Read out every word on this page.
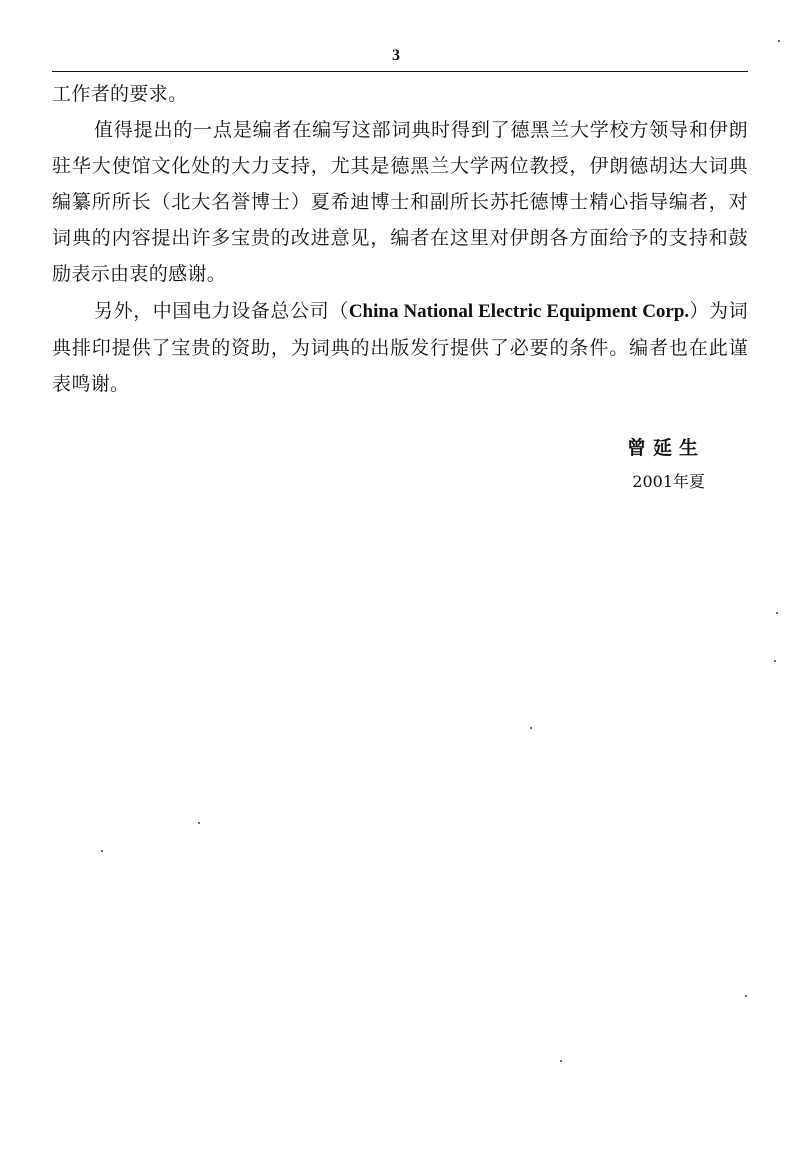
3

工作者的要求。

值得提出的一点是编者在编写这部词典时得到了德黑兰大学校方领导和伊朗驻华大使馆文化处的大力支持，尤其是德黑兰大学两位教授，伊朗德胡达大词典编纂所所长（北大名誉博士）夏希迪博士和副所长苏托德博士精心指导编者，对词典的内容提出许多宝贵的改进意见，编者在这里对伊朗各方面给予的支持和鼓励表示由衷的感谢。

另外，中国电力设备总公司（China National Electric Equipment Corp.）为词典排印提供了宝贵的资助，为词典的出版发行提供了必要的条件。编者也在此谨表鸣谢。

曾延生
2001年夏
